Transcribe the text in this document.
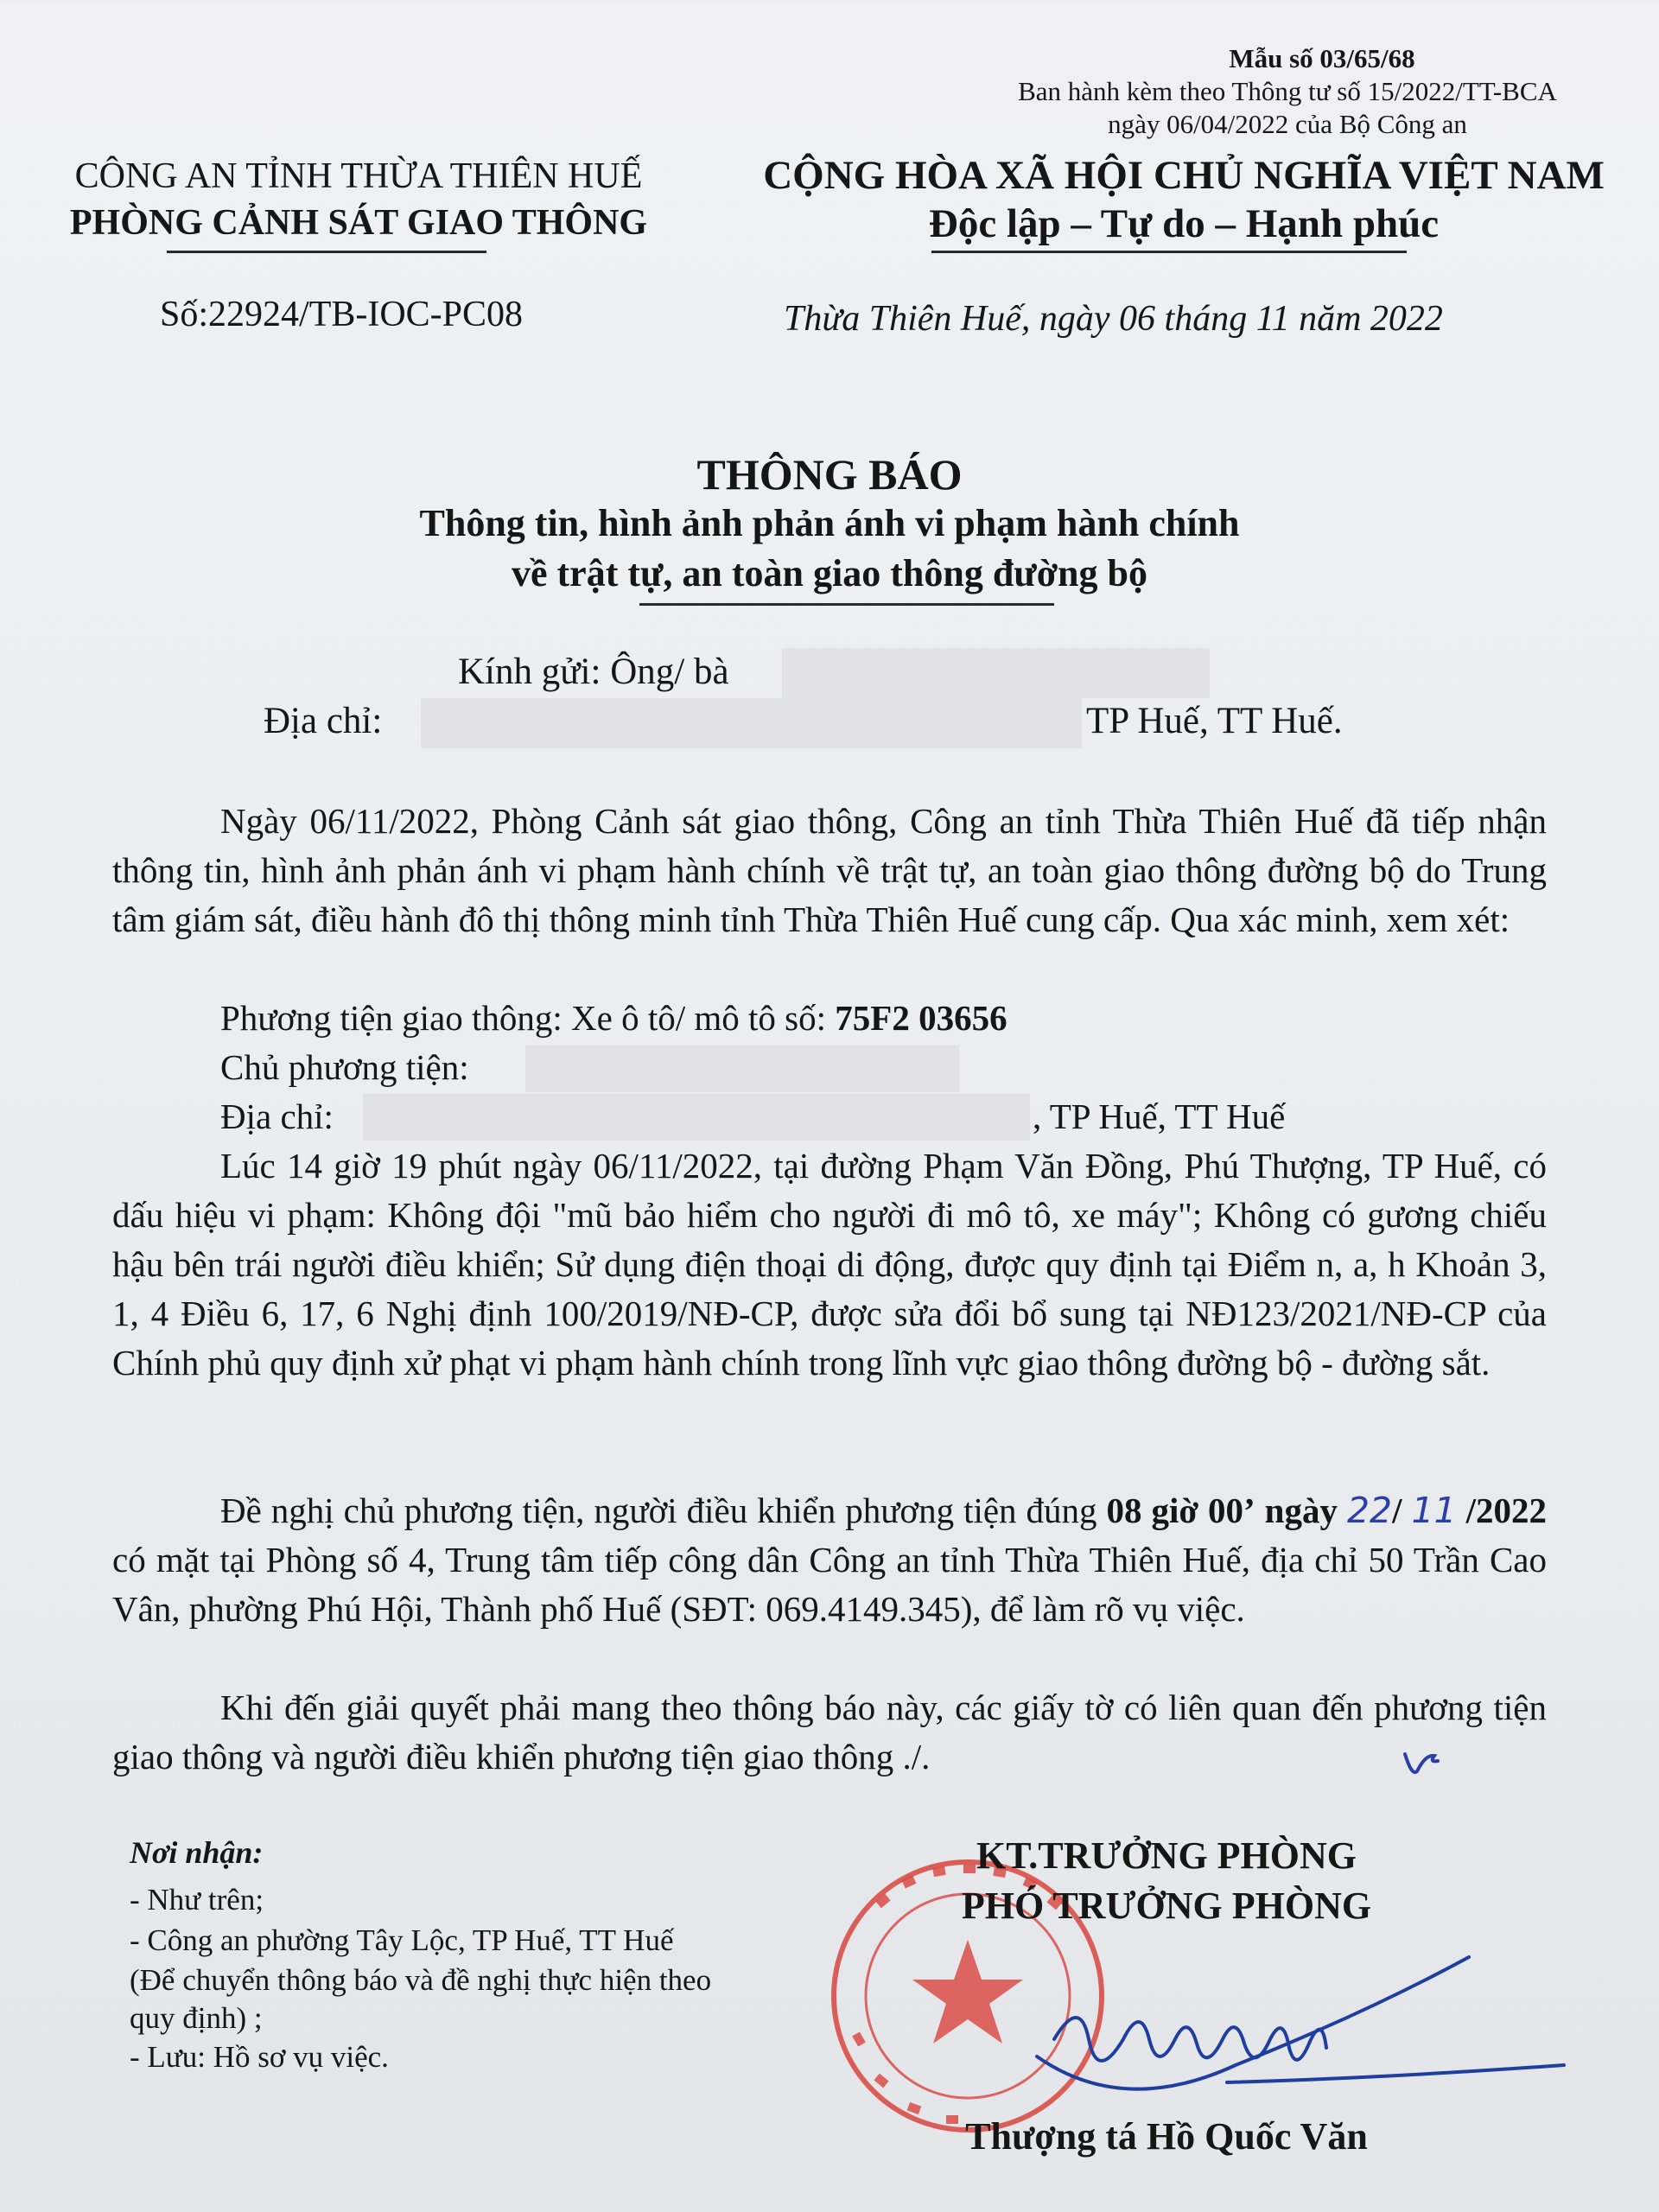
Mẫu số 03/65/68
Ban hành kèm theo Thông tư số 15/2022/TT-BCA
ngày 06/04/2022 của Bộ Công an
CÔNG AN TỈNH THỪA THIÊN HUẾ
PHÒNG CẢNH SÁT GIAO THÔNG
Số:22924/TB-IOC-PC08
CỘNG HÒA XÃ HỘI CHỦ NGHĨA VIỆT NAM
Độc lập – Tự do – Hạnh phúc
Thừa Thiên Huế, ngày 06 tháng 11 năm 2022
THÔNG BÁO
Thông tin, hình ảnh phản ánh vi phạm hành chính
về trật tự, an toàn giao thông đường bộ
Kính gửi: Ông/ bà
Địa chỉ:	TP Huế, TT Huế.
Ngày 06/11/2022, Phòng Cảnh sát giao thông, Công an tỉnh Thừa Thiên Huế đã tiếp nhận thông tin, hình ảnh phản ánh vi phạm hành chính về trật tự, an toàn giao thông đường bộ do Trung tâm giám sát, điều hành đô thị thông minh tỉnh Thừa Thiên Huế cung cấp. Qua xác minh, xem xét:
Phương tiện giao thông: Xe ô tô/ mô tô số: 75F2 03656
Chủ phương tiện:
Địa chỉ:	, TP Huế, TT Huế
Lúc 14 giờ 19 phút ngày 06/11/2022, tại đường Phạm Văn Đồng, Phú Thượng, TP Huế, có dấu hiệu vi phạm: Không đội "mũ bảo hiểm cho người đi mô tô, xe máy"; Không có gương chiếu hậu bên trái người điều khiển; Sử dụng điện thoại di động, được quy định tại Điểm n, a, h Khoản 3, 1, 4 Điều 6, 17, 6 Nghị định 100/2019/NĐ-CP, được sửa đổi bổ sung tại NĐ123/2021/NĐ-CP của Chính phủ quy định xử phạt vi phạm hành chính trong lĩnh vực giao thông đường bộ - đường sắt.
Đề nghị chủ phương tiện, người điều khiển phương tiện đúng 08 giờ 00’ ngày 22/ 11 /2022 có mặt tại Phòng số 4, Trung tâm tiếp công dân Công an tỉnh Thừa Thiên Huế, địa chỉ 50 Trần Cao Vân, phường Phú Hội, Thành phố Huế (SĐT: 069.4149.345), để làm rõ vụ việc.
Khi đến giải quyết phải mang theo thông báo này, các giấy tờ có liên quan đến phương tiện giao thông và người điều khiển phương tiện giao thông ./.
Nơi nhận:
- Như trên;
- Công an phường Tây Lộc, TP Huế, TT Huế
(Để chuyển thông báo và đề nghị thực hiện theo
quy định) ;
- Lưu: Hồ sơ vụ việc.
KT.TRƯỞNG PHÒNG
PHÓ TRƯỞNG PHÒNG
Thượng tá Hồ Quốc Văn
